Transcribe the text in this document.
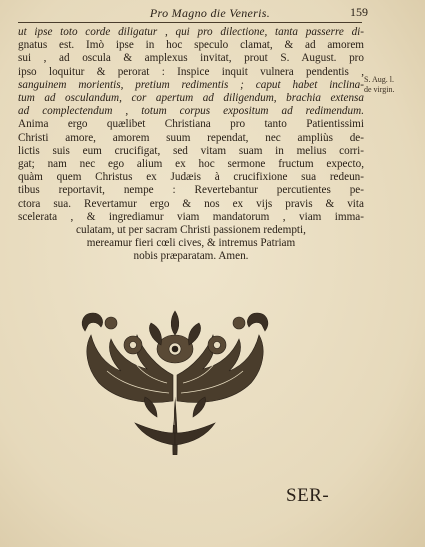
Pro Magno die Veneris.	159
ut ipse toto corde diligatur , qui pro dilectione, tanta passerre di-
gnatus est. Imò ipse in hoc speculo clamat, & ad amorem
sui , ad oscula & amplexus invitat, prout S. August. pro
ipso loquitur & perorat : Inspice inquit vulnera pendentis ,
sanguinem morientis, pretium redimentis ; caput habet inclina-
tum ad osculandum, cor apertum ad diligendum, brachia extensa
ad complectendum , totum corpus expositum ad redimendum.
Anima ergo quælibet Christiana pro tanto Patientissimi
Christi amore, amorem suum rependat, nec ampliùs de-
lictis suis eum crucifigat, sed vitam suam in melius corri-
gat; nam nec ego alium ex hoc sermone fructum expecto,
quàm quem Christus ex Judæis à crucifixione sua redeun-
tibus reportavit, nempe : Revertebantur percutientes pe-
ctora sua. Revertamur ergo & nos ex vijs pravis & vita
scelerata , & ingrediamur viam mandatorum , viam imma-
culatam, ut per sacram Christi passionem redempti,
mereamur fieri cœli cives, & intremus Patriam
nobis præparatam. Amen.
S. Aug. l.
de virgin.
SER-
